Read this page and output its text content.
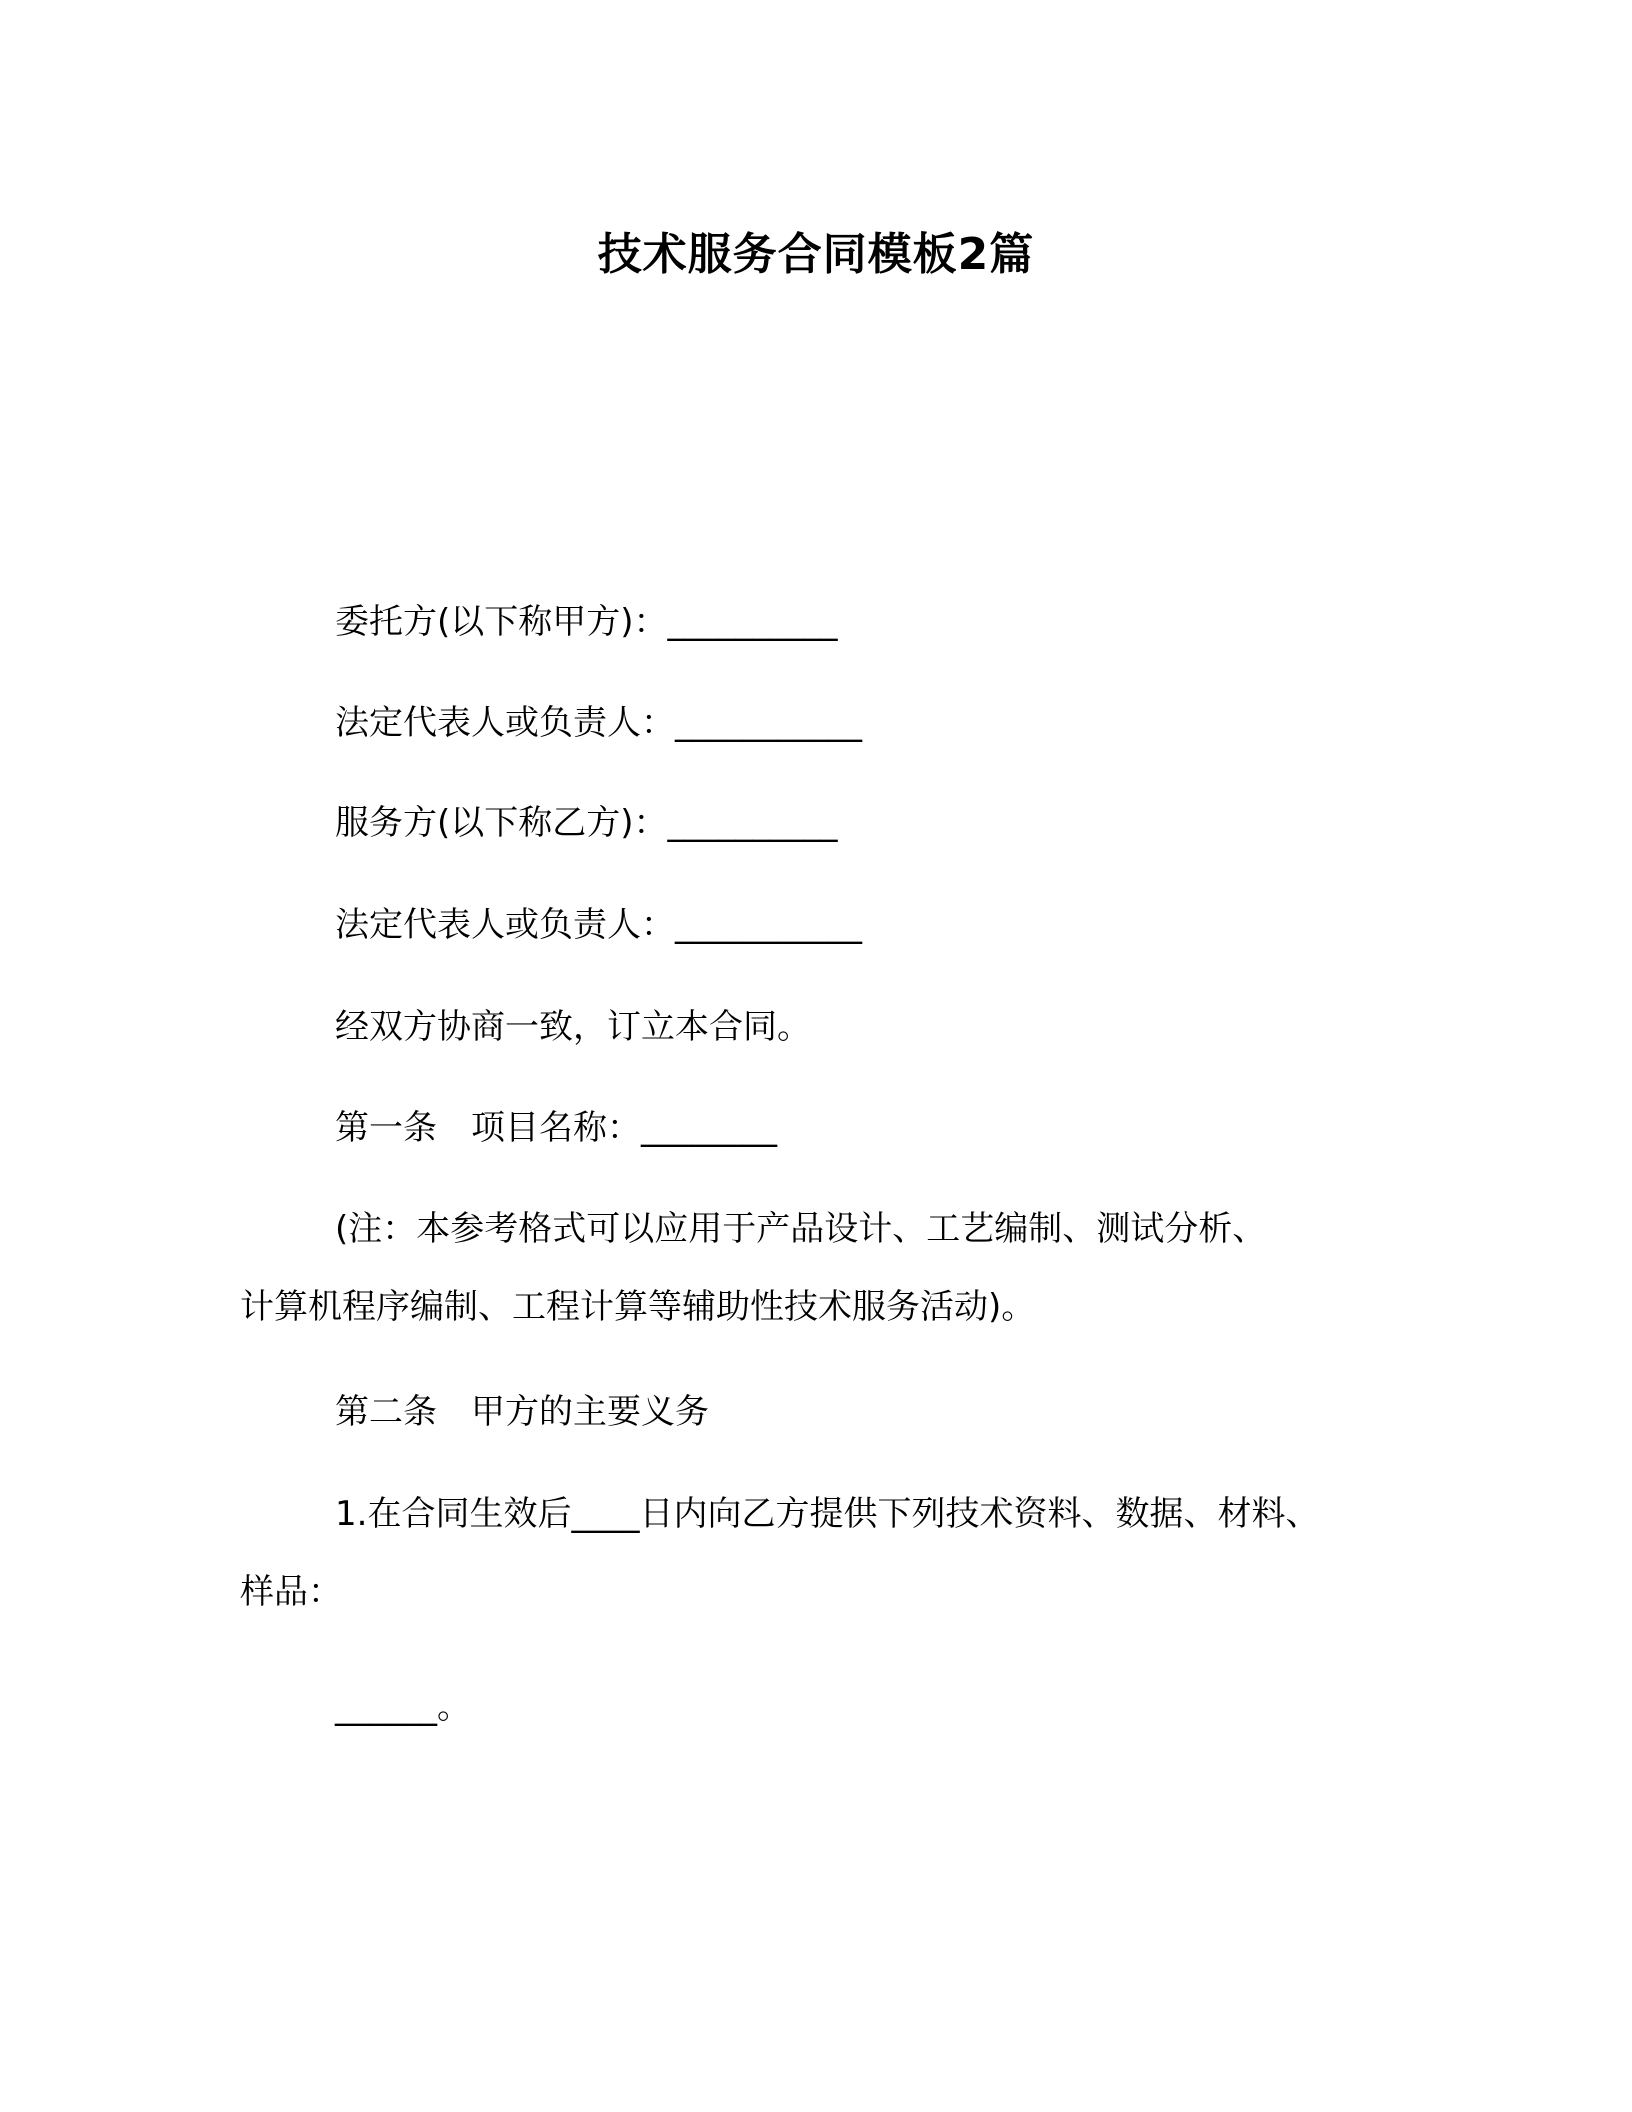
技术服务合同模板2篇
委托方(以下称甲方)：__________
法定代表人或负责人：___________
服务方(以下称乙方)：__________
法定代表人或负责人：___________
经双方协商一致，订立本合同。
第一条　项目名称：________
(注：本参考格式可以应用于产品设计、工艺编制、测试分析、
计算机程序编制、工程计算等辅助性技术服务活动)。
第二条　甲方的主要义务
1.在合同生效后____日内向乙方提供下列技术资料、数据、材料、
样品：
______。
